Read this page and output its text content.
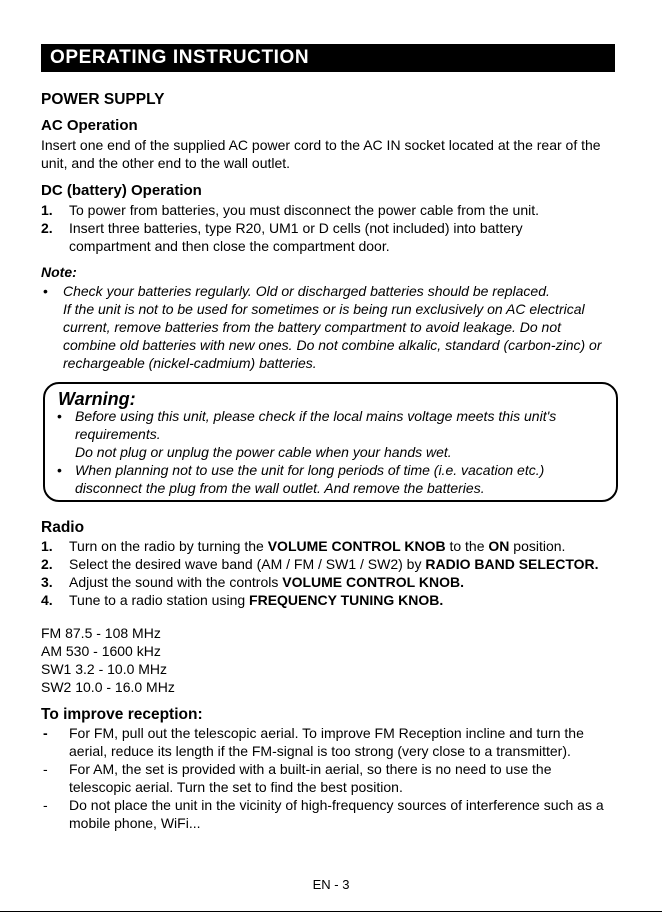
OPERATING INSTRUCTION
POWER SUPPLY
AC Operation
Insert one end of the supplied AC power cord to the AC IN socket located at the rear of the unit, and the other end to the wall outlet.
DC (battery) Operation
1.	To power from batteries, you must disconnect the power cable from the unit.
2.	Insert three batteries, type R20, UM1 or D cells (not included) into battery compartment and then close the compartment door.
Note:
•	Check your batteries regularly. Old or discharged batteries should be replaced.
If the unit is not to be used for sometimes or is being run exclusively on AC electrical current, remove batteries from the battery compartment to avoid leakage. Do not combine old batteries with new ones. Do not combine alkalic, standard (carbon-zinc) or rechargeable (nickel-cadmium) batteries.
Warning:
• Before using this unit, please check if the local mains voltage meets this unit's requirements.
Do not plug or unplug the power cable when your hands wet.
• When planning not to use the unit for long periods of time (i.e. vacation etc.) disconnect the plug from the wall outlet. And remove the batteries.
Radio
1.	Turn on the radio by turning the VOLUME CONTROL KNOB to the ON position.
2.	Select the desired wave band (AM / FM / SW1 / SW2) by RADIO BAND SELECTOR.
3.	Adjust the sound with the controls VOLUME CONTROL KNOB.
4.	Tune to a radio station using FREQUENCY TUNING KNOB.
FM 87.5 - 108 MHz
AM 530 - 1600 kHz
SW1 3.2 - 10.0 MHz
SW2 10.0 - 16.0 MHz
To improve reception:
-	For FM, pull out the telescopic aerial. To improve FM Reception incline and turn the aerial, reduce its length if the FM-signal is too strong (very close to a transmitter).
-	For AM, the set is provided with a built-in aerial, so there is no need to use the telescopic aerial. Turn the set to find the best position.
-	Do not place the unit in the vicinity of high-frequency sources of interference such as a mobile phone, WiFi...
EN - 3
